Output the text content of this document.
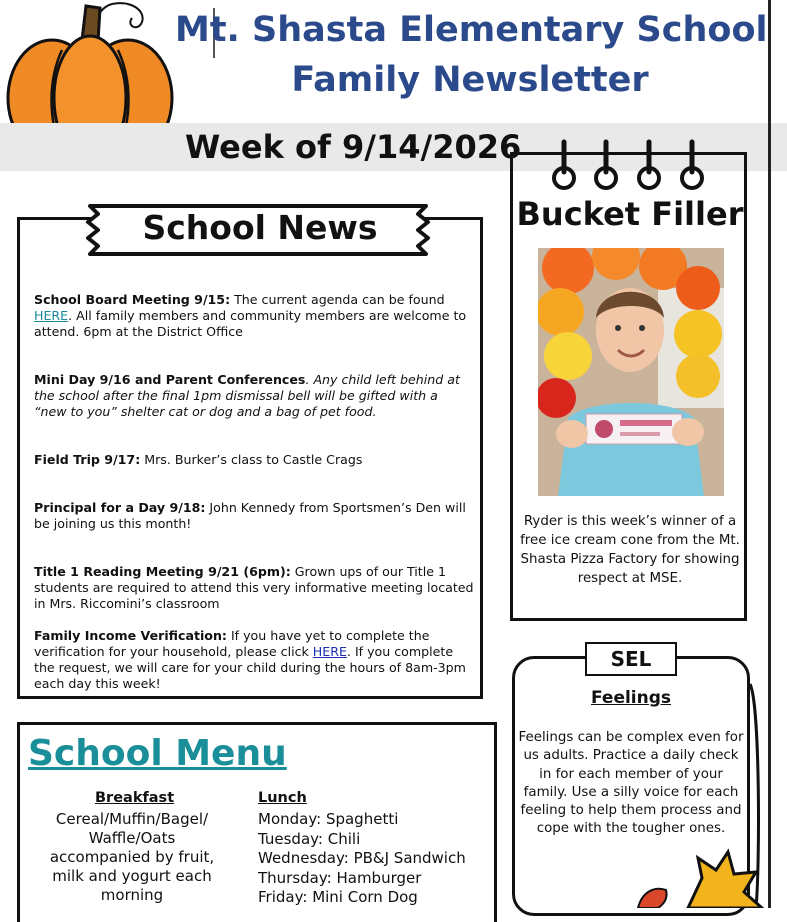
Mt. Shasta Elementary School
Family Newsletter
Week of 9/14/2026
School News
School Board Meeting 9/15: The current agenda can be found HERE. All family members and community members are welcome to attend. 6pm at the District Office
Mini Day 9/16 and Parent Conferences. Any child left behind at the school after the final 1pm dismissal bell will be gifted with a “new to you” shelter cat or dog and a bag of pet food.
Field Trip 9/17: Mrs. Burker’s class to Castle Crags
Principal for a Day 9/18: John Kennedy from Sportsmen’s Den will be joining us this month!
Title 1 Reading Meeting 9/21 (6pm): Grown ups of our Title 1 students are required to attend this very informative meeting located in Mrs. Riccomini’s classroom
Family Income Verification: If you have yet to complete the verification for your household, please click HERE. If you complete the request, we will care for your child during the hours of 8am-3pm each day this week!
Bucket Filler
Ryder is this week’s winner of a free ice cream cone from the Mt. Shasta Pizza Factory for showing respect at MSE.
SEL
Feelings
Feelings can be complex even for us adults. Practice a daily check in for each member of your family. Use a silly voice for each feeling to help them process and cope with the tougher ones.
School Menu
Breakfast
Cereal/Muffin/Bagel/ Waffle/Oats accompanied by fruit, milk and yogurt each morning
Lunch
Monday: Spaghetti
Tuesday: Chili
Wednesday: PB&J Sandwich
Thursday: Hamburger
Friday: Mini Corn Dog
